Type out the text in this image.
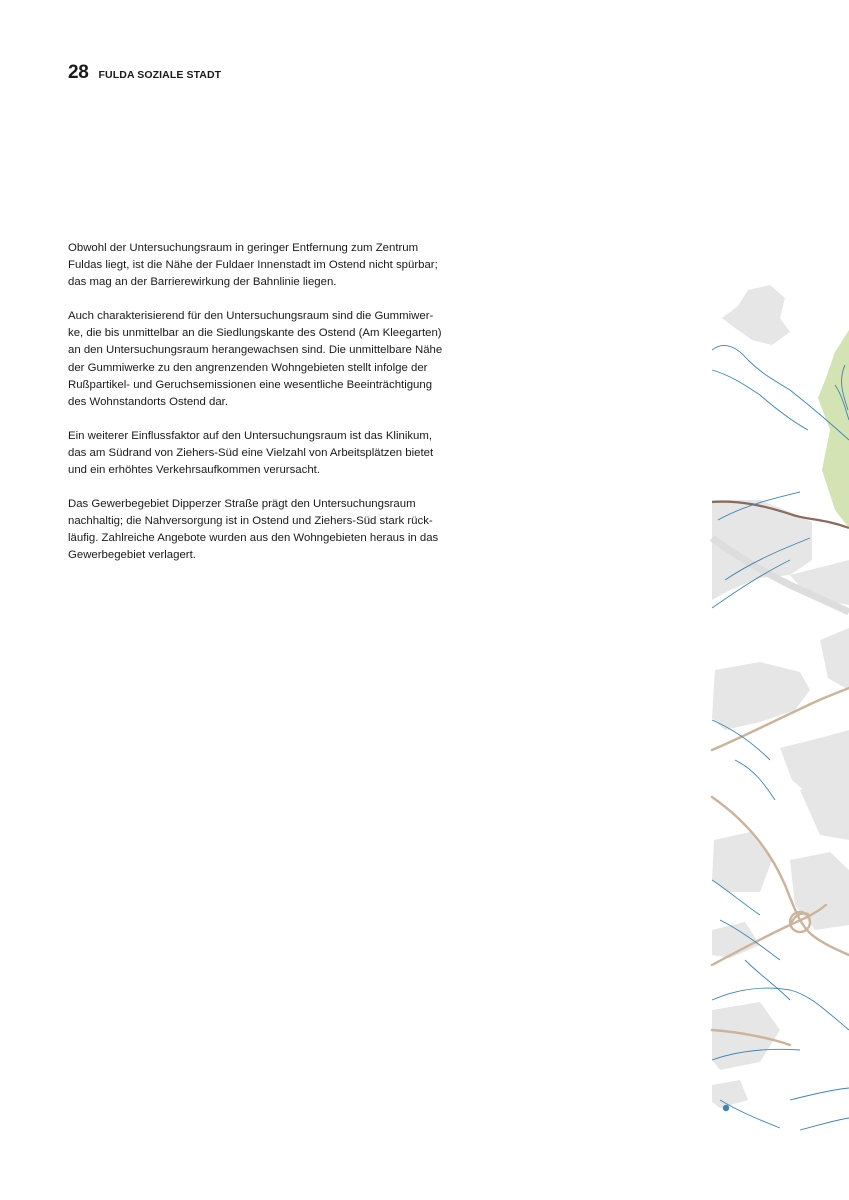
28 FULDA SOZIALE STADT

Obwohl der Untersuchungsraum in geringer Entfernung zum Zentrum
Fuldas liegt, ist die Nähe der Fuldaer Innenstadt im Ostend nicht spürbar;
das mag an der Barrierewirkung der Bahnlinie liegen.

Auch charakterisierend für den Untersuchungsraum sind die Gummiwer-
ke, die bis unmittelbar an die Siedlungskante des Ostend (Am Kleegarten)
an den Untersuchungsraum herangewachsen sind. Die unmittelbare Nähe
der Gummiwerke zu den angrenzenden Wohngebieten stellt infolge der
Rußpartikel- und Geruchsemissionen eine wesentliche Beeinträchtigung
des Wohnstandorts Ostend dar.

Ein weiterer Einflussfaktor auf den Untersuchungsraum ist das Klinikum,
das am Südrand von Ziehers-Süd eine Vielzahl von Arbeitsplätzen bietet
und ein erhöhtes Verkehrsaufkommen verursacht.

Das Gewerbegebiet Dipperzer Straße prägt den Untersuchungsraum
nachhaltig; die Nahversorgung ist in Ostend und Ziehers-Süd stark rück-
läufig. Zahlreiche Angebote wurden aus den Wohngebieten heraus in das
Gewerbegebiet verlagert.
